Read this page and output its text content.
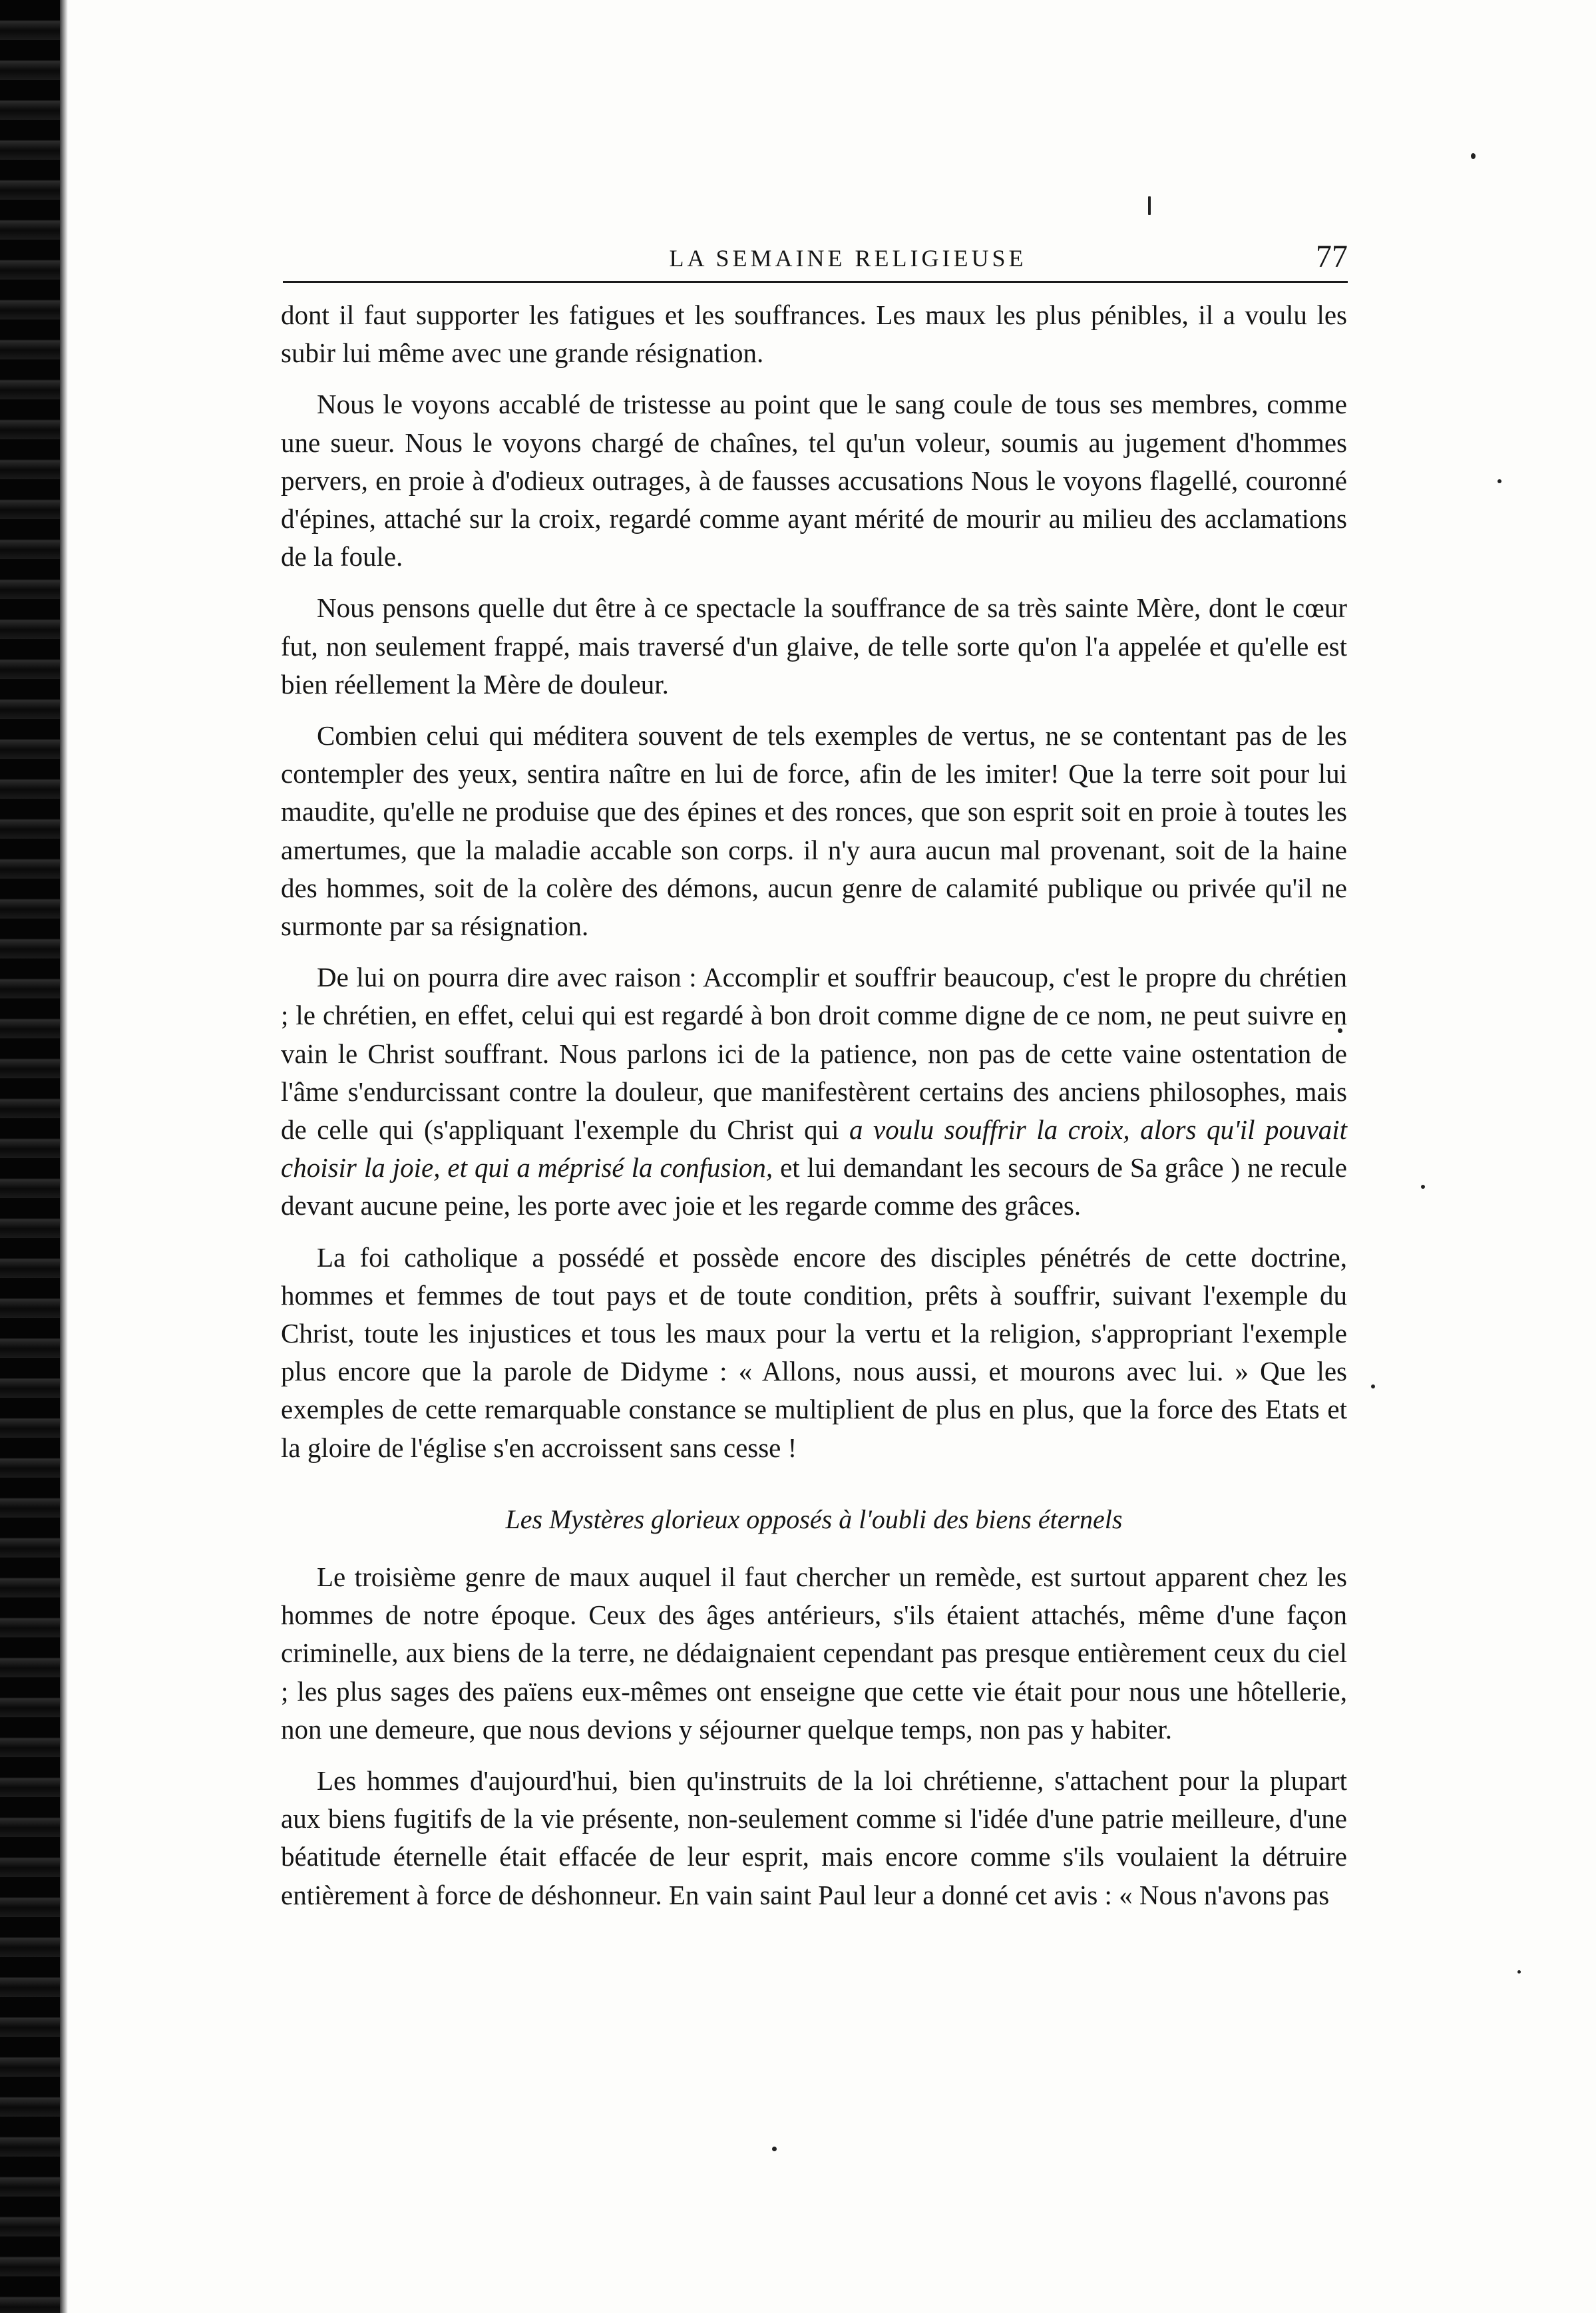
LA SEMAINE RELIGIEUSE	77

dont il faut supporter les fatigues et les souffrances. Les maux les plus pénibles, il a voulu les subir lui même avec une grande résignation.

Nous le voyons accablé de tristesse au point que le sang coule de tous ses membres, comme une sueur. Nous le voyons chargé de chaînes, tel qu'un voleur, soumis au jugement d'hommes pervers, en proie à d'odieux outrages, à de fausses accusations Nous le voyons flagellé, couronné d'épines, attaché sur la croix, regardé comme ayant mérité de mourir au milieu des acclamations de la foule.

Nous pensons quelle dut être à ce spectacle la souffrance de sa très sainte Mère, dont le cœur fut, non seulement frappé, mais traversé d'un glaive, de telle sorte qu'on l'a appelée et qu'elle est bien réellement la Mère de douleur.

Combien celui qui méditera souvent de tels exemples de vertus, ne se contentant pas de les contempler des yeux, sentira naître en lui de force, afin de les imiter! Que la terre soit pour lui maudite, qu'elle ne produise que des épines et des ronces, que son esprit soit en proie à toutes les amertumes, que la maladie accable son corps. il n'y aura aucun mal provenant, soit de la haine des hommes, soit de la colère des démons, aucun genre de calamité publique ou privée qu'il ne surmonte par sa résignation.

De lui on pourra dire avec raison : Accomplir et souffrir beaucoup, c'est le propre du chrétien ; le chrétien, en effet, celui qui est regardé à bon droit comme digne de ce nom, ne peut suivre en vain le Christ souffrant. Nous parlons ici de la patience, non pas de cette vaine ostentation de l'âme s'endurcissant contre la douleur, que manifestèrent certains des anciens philosophes, mais de celle qui (s'appliquant l'exemple du Christ qui a voulu souffrir la croix, alors qu'il pouvait choisir la joie, et qui a méprisé la confusion, et lui demandant les secours de Sa grâce ) ne recule devant aucune peine, les porte avec joie et les regarde comme des grâces.

La foi catholique a possédé et possède encore des disciples pénétrés de cette doctrine, hommes et femmes de tout pays et de toute condition, prêts à souffrir, suivant l'exemple du Christ, toute les injustices et tous les maux pour la vertu et la religion, s'appropriant l'exemple plus encore que la parole de Didyme : « Allons, nous aussi, et mourons avec lui. » Que les exemples de cette remarquable constance se multiplient de plus en plus, que la force des Etats et la gloire de l'église s'en accroissent sans cesse !

Les Mystères glorieux opposés à l'oubli des biens éternels

Le troisième genre de maux auquel il faut chercher un remède, est surtout apparent chez les hommes de notre époque. Ceux des âges antérieurs, s'ils étaient attachés, même d'une façon criminelle, aux biens de la terre, ne dédaignaient cependant pas presque entièrement ceux du ciel ; les plus sages des païens eux-mêmes ont enseigne que cette vie était pour nous une hôtellerie, non une demeure, que nous devions y séjourner quelque temps, non pas y habiter.

Les hommes d'aujourd'hui, bien qu'instruits de la loi chrétienne, s'attachent pour la plupart aux biens fugitifs de la vie présente, non-seulement comme si l'idée d'une patrie meilleure, d'une béatitude éternelle était effacée de leur esprit, mais encore comme s'ils voulaient la détruire entièrement à force de déshonneur. En vain saint Paul leur a donné cet avis : « Nous n'avons pas
